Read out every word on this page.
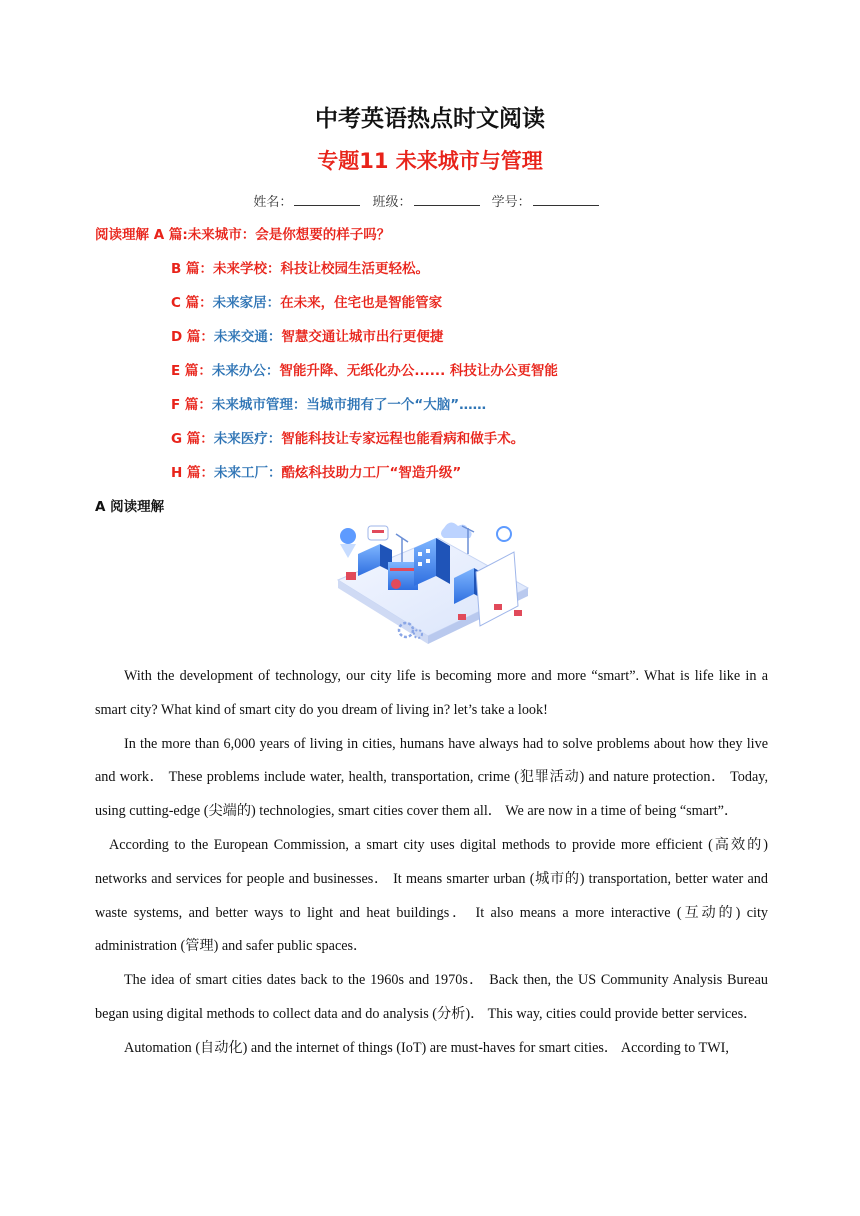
中考英语热点时文阅读
专题11 未来城市与管理
姓名：	班级：	学号：
阅读理解 A 篇:未来城市：会是你想要的样子吗？
B 篇：未来学校：科技让校园生活更轻松。
C 篇：未来家居：在未来，住宅也是智能管家
D 篇：未来交通：智慧交通让城市出行更便捷
E 篇：未来办公：智能升降、无纸化办公...... 科技让办公更智能
F 篇：未来城市管理：当城市拥有了一个“大脑”……
G 篇：未来医疗：智能科技让专家远程也能看病和做手术。
H 篇：未来工厂：酷炫科技助力工厂“智造升级”
A 阅读理解

With the development of technology, our city life is becoming more and more “smart”. What is life like in a smart city? What kind of smart city do you dream of living in? let’s take a look!

In the more than 6,000 years of living in cities, humans have always had to solve problems about how they live and work． These problems include water, health, transportation, crime (犯罪活动) and nature protection． Today, using cutting-edge (尖端的) technologies, smart cities cover them all． We are now in a time of being “smart”．

According to the European Commission, a smart city uses digital methods to provide more efficient (高效的) networks and services for people and businesses． It means smarter urban (城市的) transportation, better water and waste systems, and better ways to light and heat buildings． It also means a more interactive (互动的) city administration (管理) and safer public spaces．

The idea of smart cities dates back to the 1960s and 1970s． Back then, the US Community Analysis Bureau began using digital methods to collect data and do analysis (分析)． This way, cities could provide better services．

Automation (自动化) and the internet of things (IoT) are must-haves for smart cities． According to TWI,
